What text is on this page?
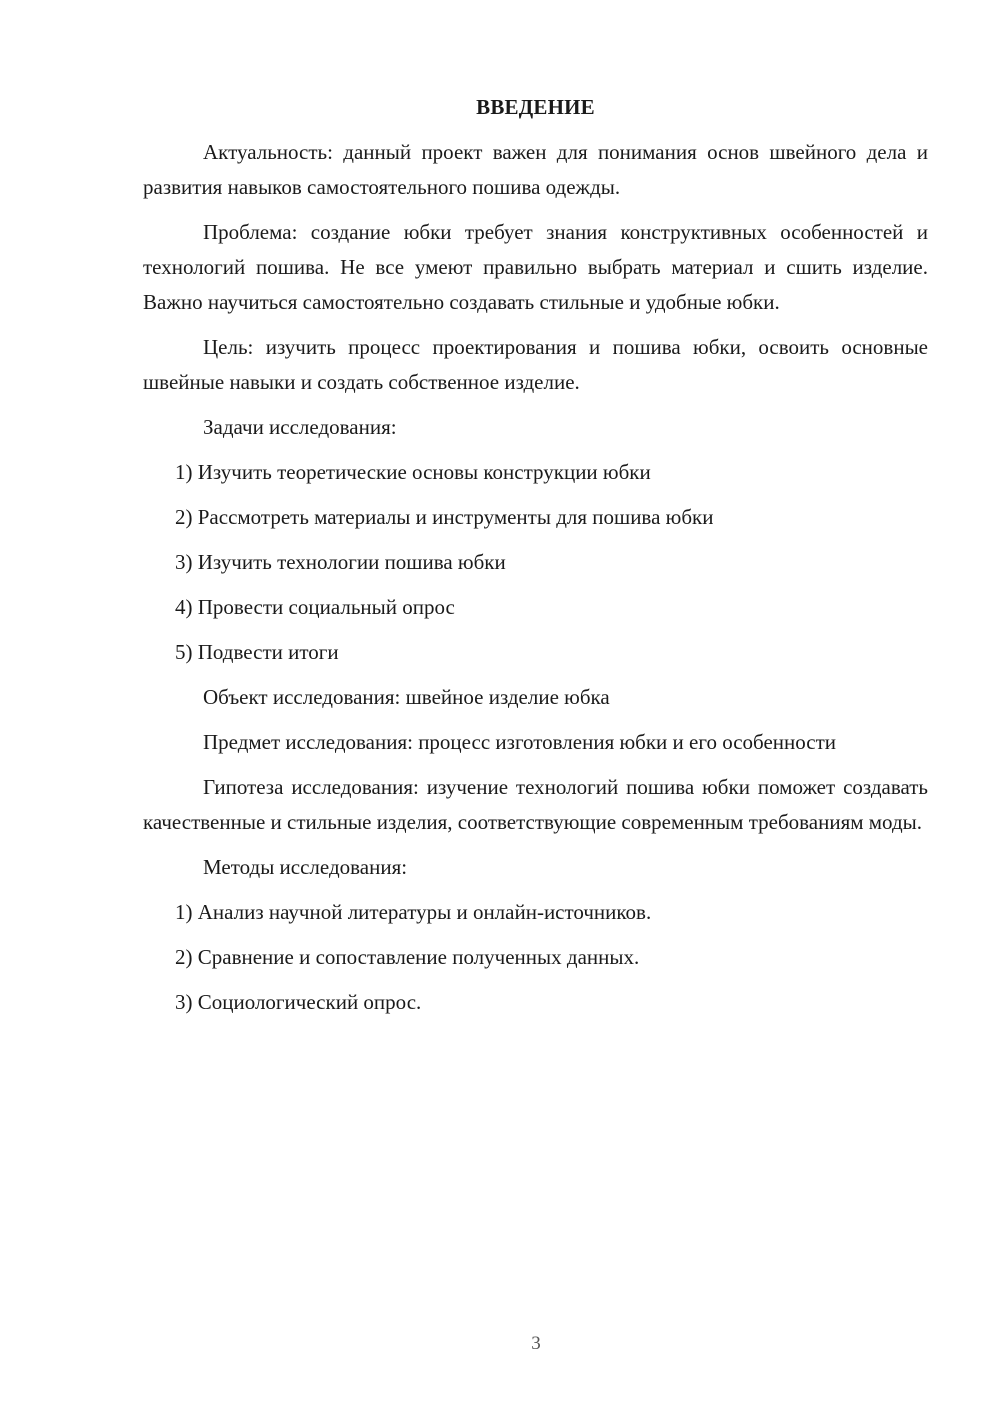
ВВЕДЕНИЕ

Актуальность: данный проект важен для понимания основ швейного дела и развития навыков самостоятельного пошива одежды.

Проблема: создание юбки требует знания конструктивных особенностей и технологий пошива. Не все умеют правильно выбрать материал и сшить изделие. Важно научиться самостоятельно создавать стильные и удобные юбки.

Цель: изучить процесс проектирования и пошива юбки, освоить основные швейные навыки и создать собственное изделие.

Задачи исследования:

1) Изучить теоретические основы конструкции юбки
2) Рассмотреть материалы и инструменты для пошива юбки
3) Изучить технологии пошива юбки
4) Провести социальный опрос
5) Подвести итоги

Объект исследования: швейное изделие юбка

Предмет исследования: процесс изготовления юбки и его особенности

Гипотеза исследования: изучение технологий пошива юбки поможет создавать качественные и стильные изделия, соответствующие современным требованиям моды.

Методы исследования:

1) Анализ научной литературы и онлайн-источников.
2) Сравнение и сопоставление полученных данных.
3) Социологический опрос.
3
